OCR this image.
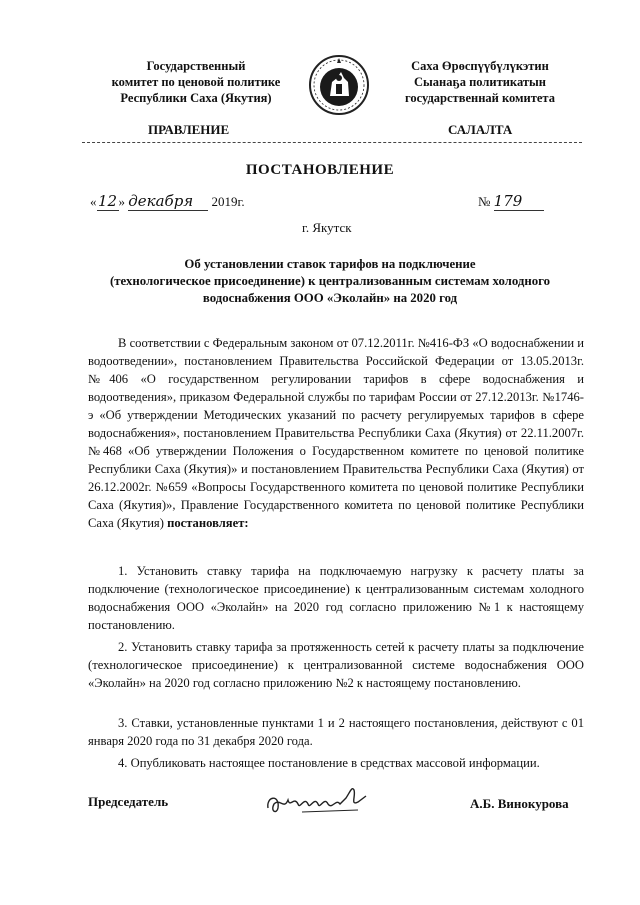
Государственный
комитет по ценовой политике
Республики Саха (Якутия)
Саха Өрөспүүбүлүкэтин
Сыанаҕа политикатын
государственнай комитета
ПРАВЛЕНИЕ	САЛАЛТА
ПОСТАНОВЛЕНИЕ
«12» декабря 2019г.	№ 179
г. Якутск
Об установлении ставок тарифов на подключение
(технологическое присоединение) к централизованным системам холодного
водоснабжения ООО «Эколайн» на 2020 год
В соответствии с Федеральным законом от 07.12.2011г. №416-ФЗ «О водоснабжении и водоотведении», постановлением Правительства Российской Федерации от 13.05.2013г. №406 «О государственном регулировании тарифов в сфере водоснабжения и водоотведения», приказом Федеральной службы по тарифам России от 27.12.2013г. №1746-э «Об утверждении Методических указаний по расчету регулируемых тарифов в сфере водоснабжения», постановлением Правительства Республики Саха (Якутия) от 22.11.2007г. №468 «Об утверждении Положения о Государственном комитете по ценовой политике Республики Саха (Якутия)» и постановлением Правительства Республики Саха (Якутия) от 26.12.2002г. №659 «Вопросы Государственного комитета по ценовой политике Республики Саха (Якутия)», Правление Государственного комитета по ценовой политике Республики Саха (Якутия) постановляет:
1. Установить ставку тарифа на подключаемую нагрузку к расчету платы за подключение (технологическое присоединение) к централизованным системам холодного водоснабжения ООО «Эколайн» на 2020 год согласно приложению №1 к настоящему постановлению.
2. Установить ставку тарифа за протяженность сетей к расчету платы за подключение (технологическое присоединение) к централизованной системе водоснабжения ООО «Эколайн» на 2020 год согласно приложению №2 к настоящему постановлению.
3. Ставки, установленные пунктами 1 и 2 настоящего постановления, действуют с 01 января 2020 года по 31 декабря 2020 года.
4. Опубликовать настоящее постановление в средствах массовой информации.
Председатель	А.Б. Винокурова
